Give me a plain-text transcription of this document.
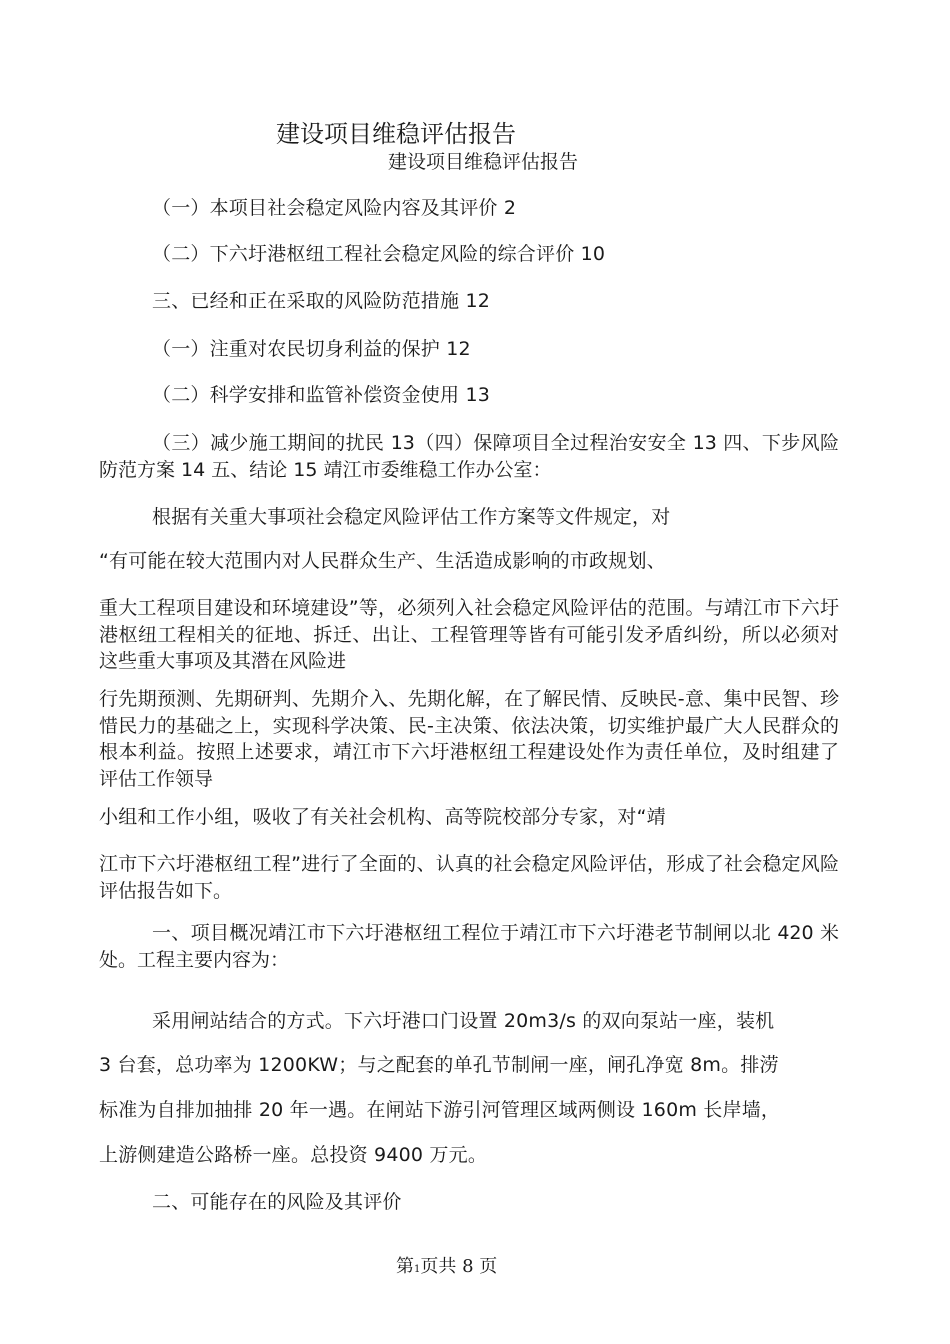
建设项目维稳评估报告
建设项目维稳评估报告
（一）本项目社会稳定风险内容及其评价 2
（二）下六圩港枢纽工程社会稳定风险的综合评价 10
三、已经和正在采取的风险防范措施 12
（一）注重对农民切身利益的保护 12
（二）科学安排和监管补偿资金使用 13
（三）减少施工期间的扰民 13（四）保障项目全过程治安安全 13 四、下步风险防范方案 14 五、结论 15 靖江市委维稳工作办公室：
根据有关重大事项社会稳定风险评估工作方案等文件规定，对
“有可能在较大范围内对人民群众生产、生活造成影响的市政规划、
重大工程项目建设和环境建设”等，必须列入社会稳定风险评估的范围。与靖江市下六圩港枢纽工程相关的征地、拆迁、出让、工程管理等皆有可能引发矛盾纠纷，所以必须对这些重大事项及其潜在风险进
行先期预测、先期研判、先期介入、先期化解，在了解民情、反映民-意、集中民智、珍惜民力的基础之上，实现科学决策、民-主决策、依法决策，切实维护最广大人民群众的根本利益。按照上述要求，靖江市下六圩港枢纽工程建设处作为责任单位，及时组建了评估工作领导
小组和工作小组，吸收了有关社会机构、高等院校部分专家，对“靖
江市下六圩港枢纽工程”进行了全面的、认真的社会稳定风险评估，形成了社会稳定风险评估报告如下。
一、项目概况靖江市下六圩港枢纽工程位于靖江市下六圩港老节制闸以北 420 米处。工程主要内容为：
采用闸站结合的方式。下六圩港口门设置 20m3/s 的双向泵站一座，装机
3 台套，总功率为 1200KW；与之配套的单孔节制闸一座，闸孔净宽 8m。排涝
标准为自排加抽排 20 年一遇。在闸站下游引河管理区域两侧设 160m 长岸墙，
上游侧建造公路桥一座。总投资 9400 万元。
二、可能存在的风险及其评价
第1页共 8 页
